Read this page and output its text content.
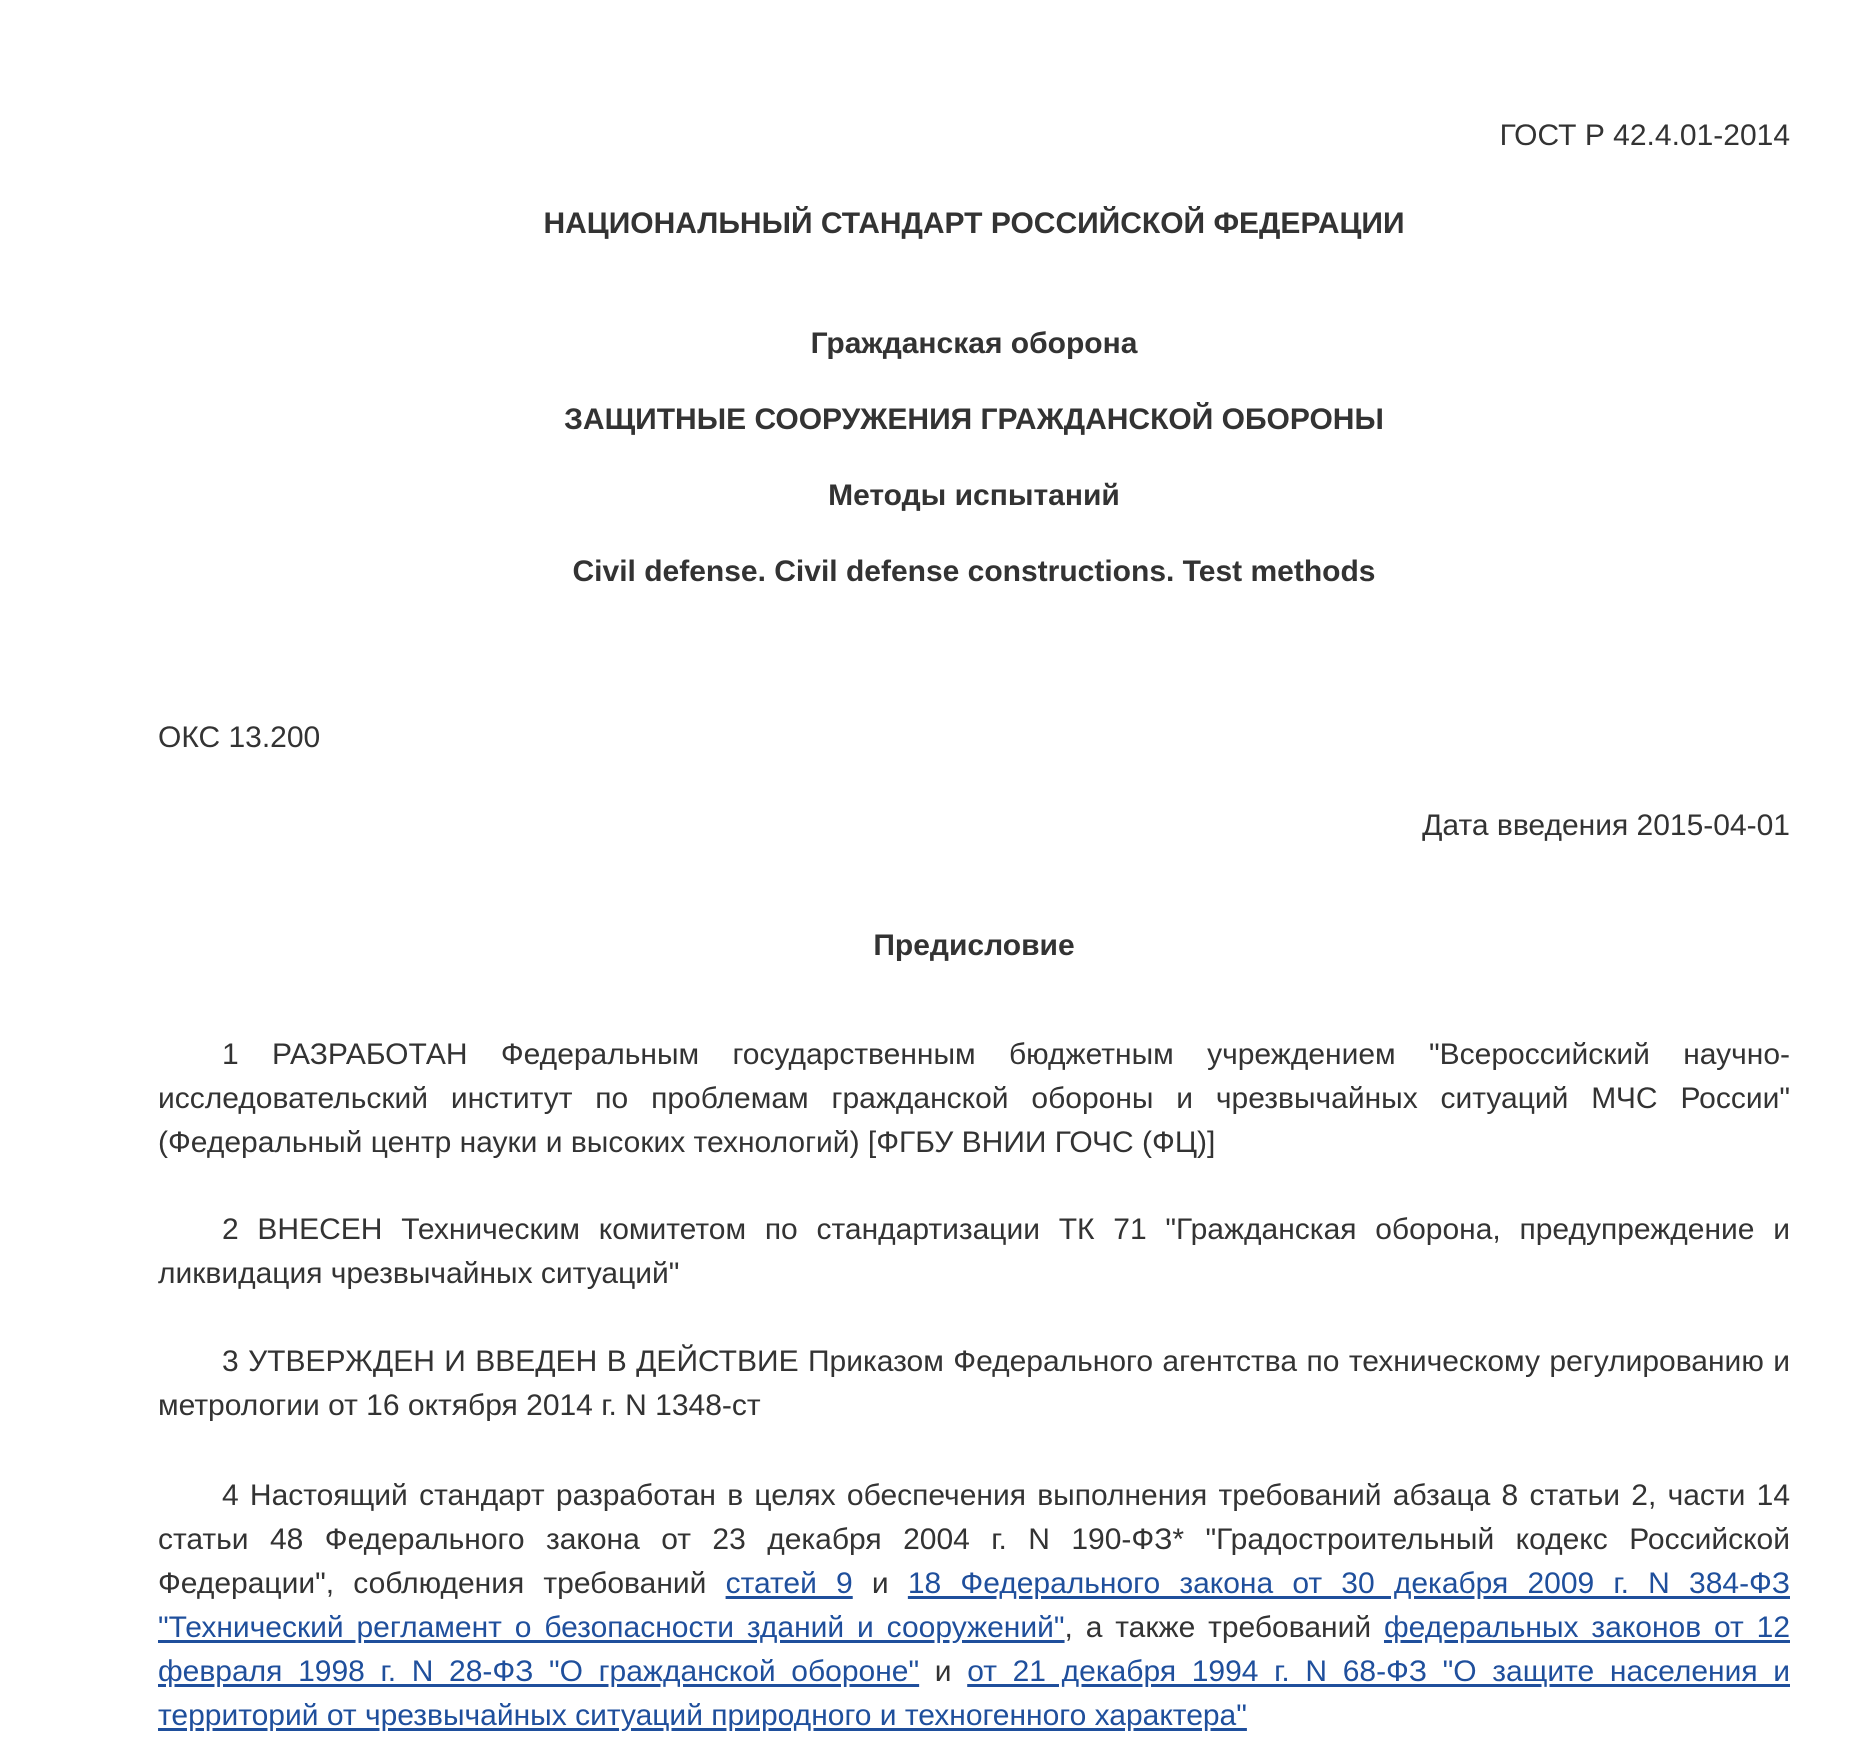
ГОСТ Р 42.4.01-2014
НАЦИОНАЛЬНЫЙ СТАНДАРТ РОССИЙСКОЙ ФЕДЕРАЦИИ
Гражданская оборона
ЗАЩИТНЫЕ СООРУЖЕНИЯ ГРАЖДАНСКОЙ ОБОРОНЫ
Методы испытаний
Civil defense. Civil defense constructions. Test methods
ОКС 13.200
Дата введения 2015-04-01
Предисловие

1 РАЗРАБОТАН Федеральным государственным бюджетным учреждением "Всероссийский научно-исследовательский институт по проблемам гражданской обороны и чрезвычайных ситуаций МЧС России" (Федеральный центр науки и высоких технологий) [ФГБУ ВНИИ ГОЧС (ФЦ)]

2 ВНЕСЕН Техническим комитетом по стандартизации ТК 71 "Гражданская оборона, предупреждение и ликвидация чрезвычайных ситуаций"

3 УТВЕРЖДЕН И ВВЕДЕН В ДЕЙСТВИЕ Приказом Федерального агентства по техническому регулированию и метрологии от 16 октября 2014 г. N 1348-ст

4 Настоящий стандарт разработан в целях обеспечения выполнения требований абзаца 8 статьи 2, части 14 статьи 48 Федерального закона от 23 декабря 2004 г. N 190-ФЗ* "Градостроительный кодекс Российской Федерации", соблюдения требований статей 9 и 18 Федерального закона от 30 декабря 2009 г. N 384-ФЗ "Технический регламент о безопасности зданий и сооружений", а также требований федеральных законов от 12 февраля 1998 г. N 28-ФЗ "О гражданской обороне" и от 21 декабря 1994 г. N 68-ФЗ "О защите населения и территорий от чрезвычайных ситуаций природного и техногенного характера"
